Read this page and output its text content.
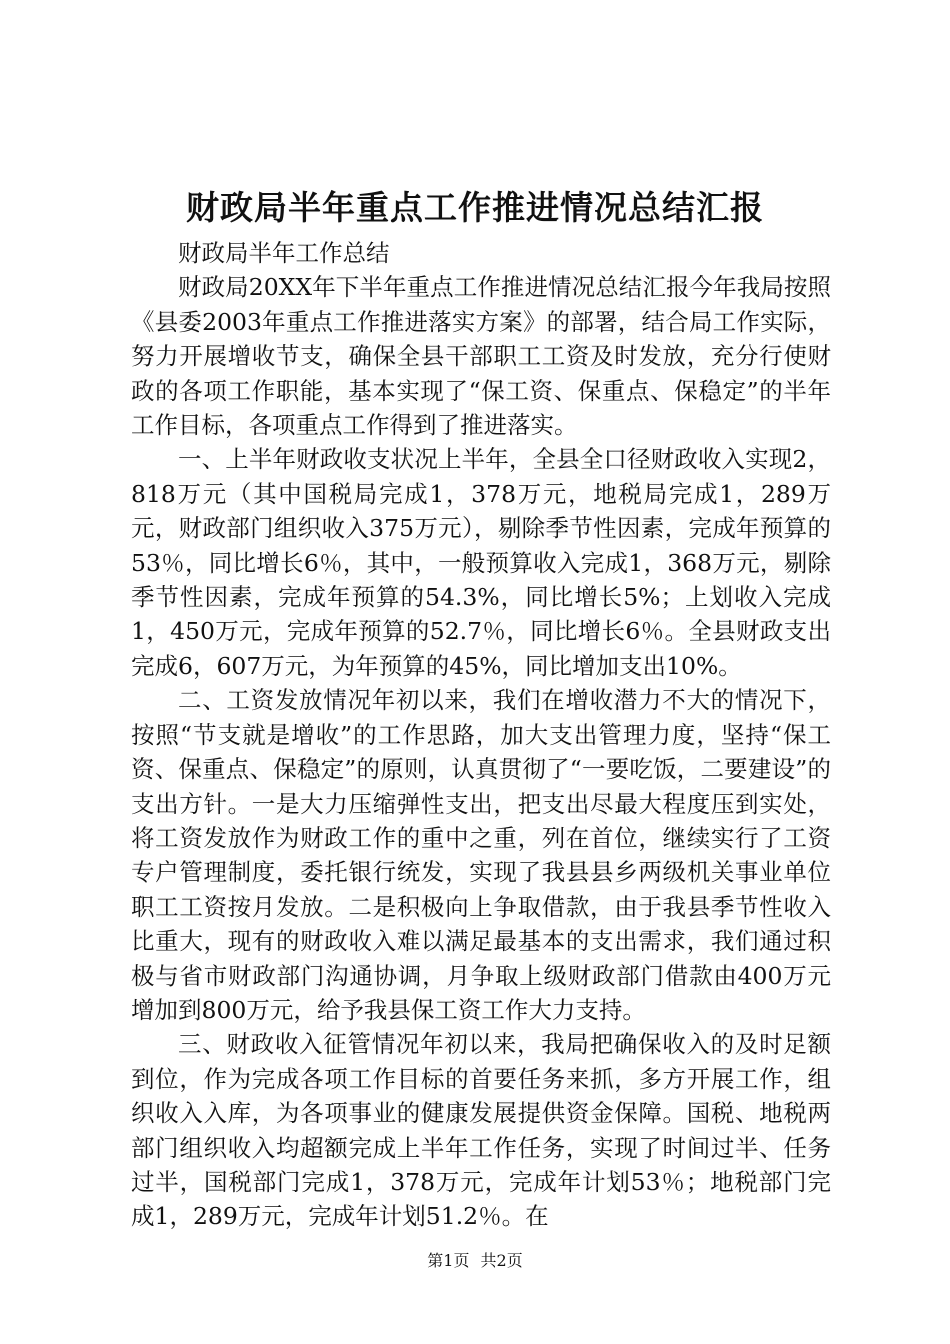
财政局半年重点工作推进情况总结汇报

财政局半年工作总结

财政局20XX年下半年重点工作推进情况总结汇报今年我局按照《县委2003年重点工作推进落实方案》的部署，结合局工作实际，努力开展增收节支，确保全县干部职工工资及时发放，充分行使财政的各项工作职能，基本实现了“保工资、保重点、保稳定”的半年工作目标，各项重点工作得到了推进落实。

一、上半年财政收支状况上半年，全县全口径财政收入实现2，818万元（其中国税局完成1，378万元，地税局完成1，289万元，财政部门组织收入375万元），剔除季节性因素，完成年预算的53％，同比增长6％，其中，一般预算收入完成1，368万元，剔除季节性因素，完成年预算的54.3%，同比增长5%；上划收入完成1，450万元，完成年预算的52.7％，同比增长6％。全县财政支出完成6，607万元，为年预算的45%，同比增加支出10%。

二、工资发放情况年初以来，我们在增收潜力不大的情况下，按照“节支就是增收”的工作思路，加大支出管理力度，坚持“保工资、保重点、保稳定”的原则，认真贯彻了“一要吃饭，二要建设”的支出方针。一是大力压缩弹性支出，把支出尽最大程度压到实处，将工资发放作为财政工作的重中之重，列在首位，继续实行了工资专户管理制度，委托银行统发，实现了我县县乡两级机关事业单位职工工资按月发放。二是积极向上争取借款，由于我县季节性收入比重大，现有的财政收入难以满足最基本的支出需求，我们通过积极与省市财政部门沟通协调，月争取上级财政部门借款由400万元增加到800万元，给予我县保工资工作大力支持。

三、财政收入征管情况年初以来，我局把确保收入的及时足额到位，作为完成各项工作目标的首要任务来抓，多方开展工作，组织收入入库，为各项事业的健康发展提供资金保障。国税、地税两部门组织收入均超额完成上半年工作任务，实现了时间过半、任务过半，国税部门完成1，378万元，完成年计划53％；地税部门完成1，289万元，完成年计划51.2％。在

第1页 共2页
